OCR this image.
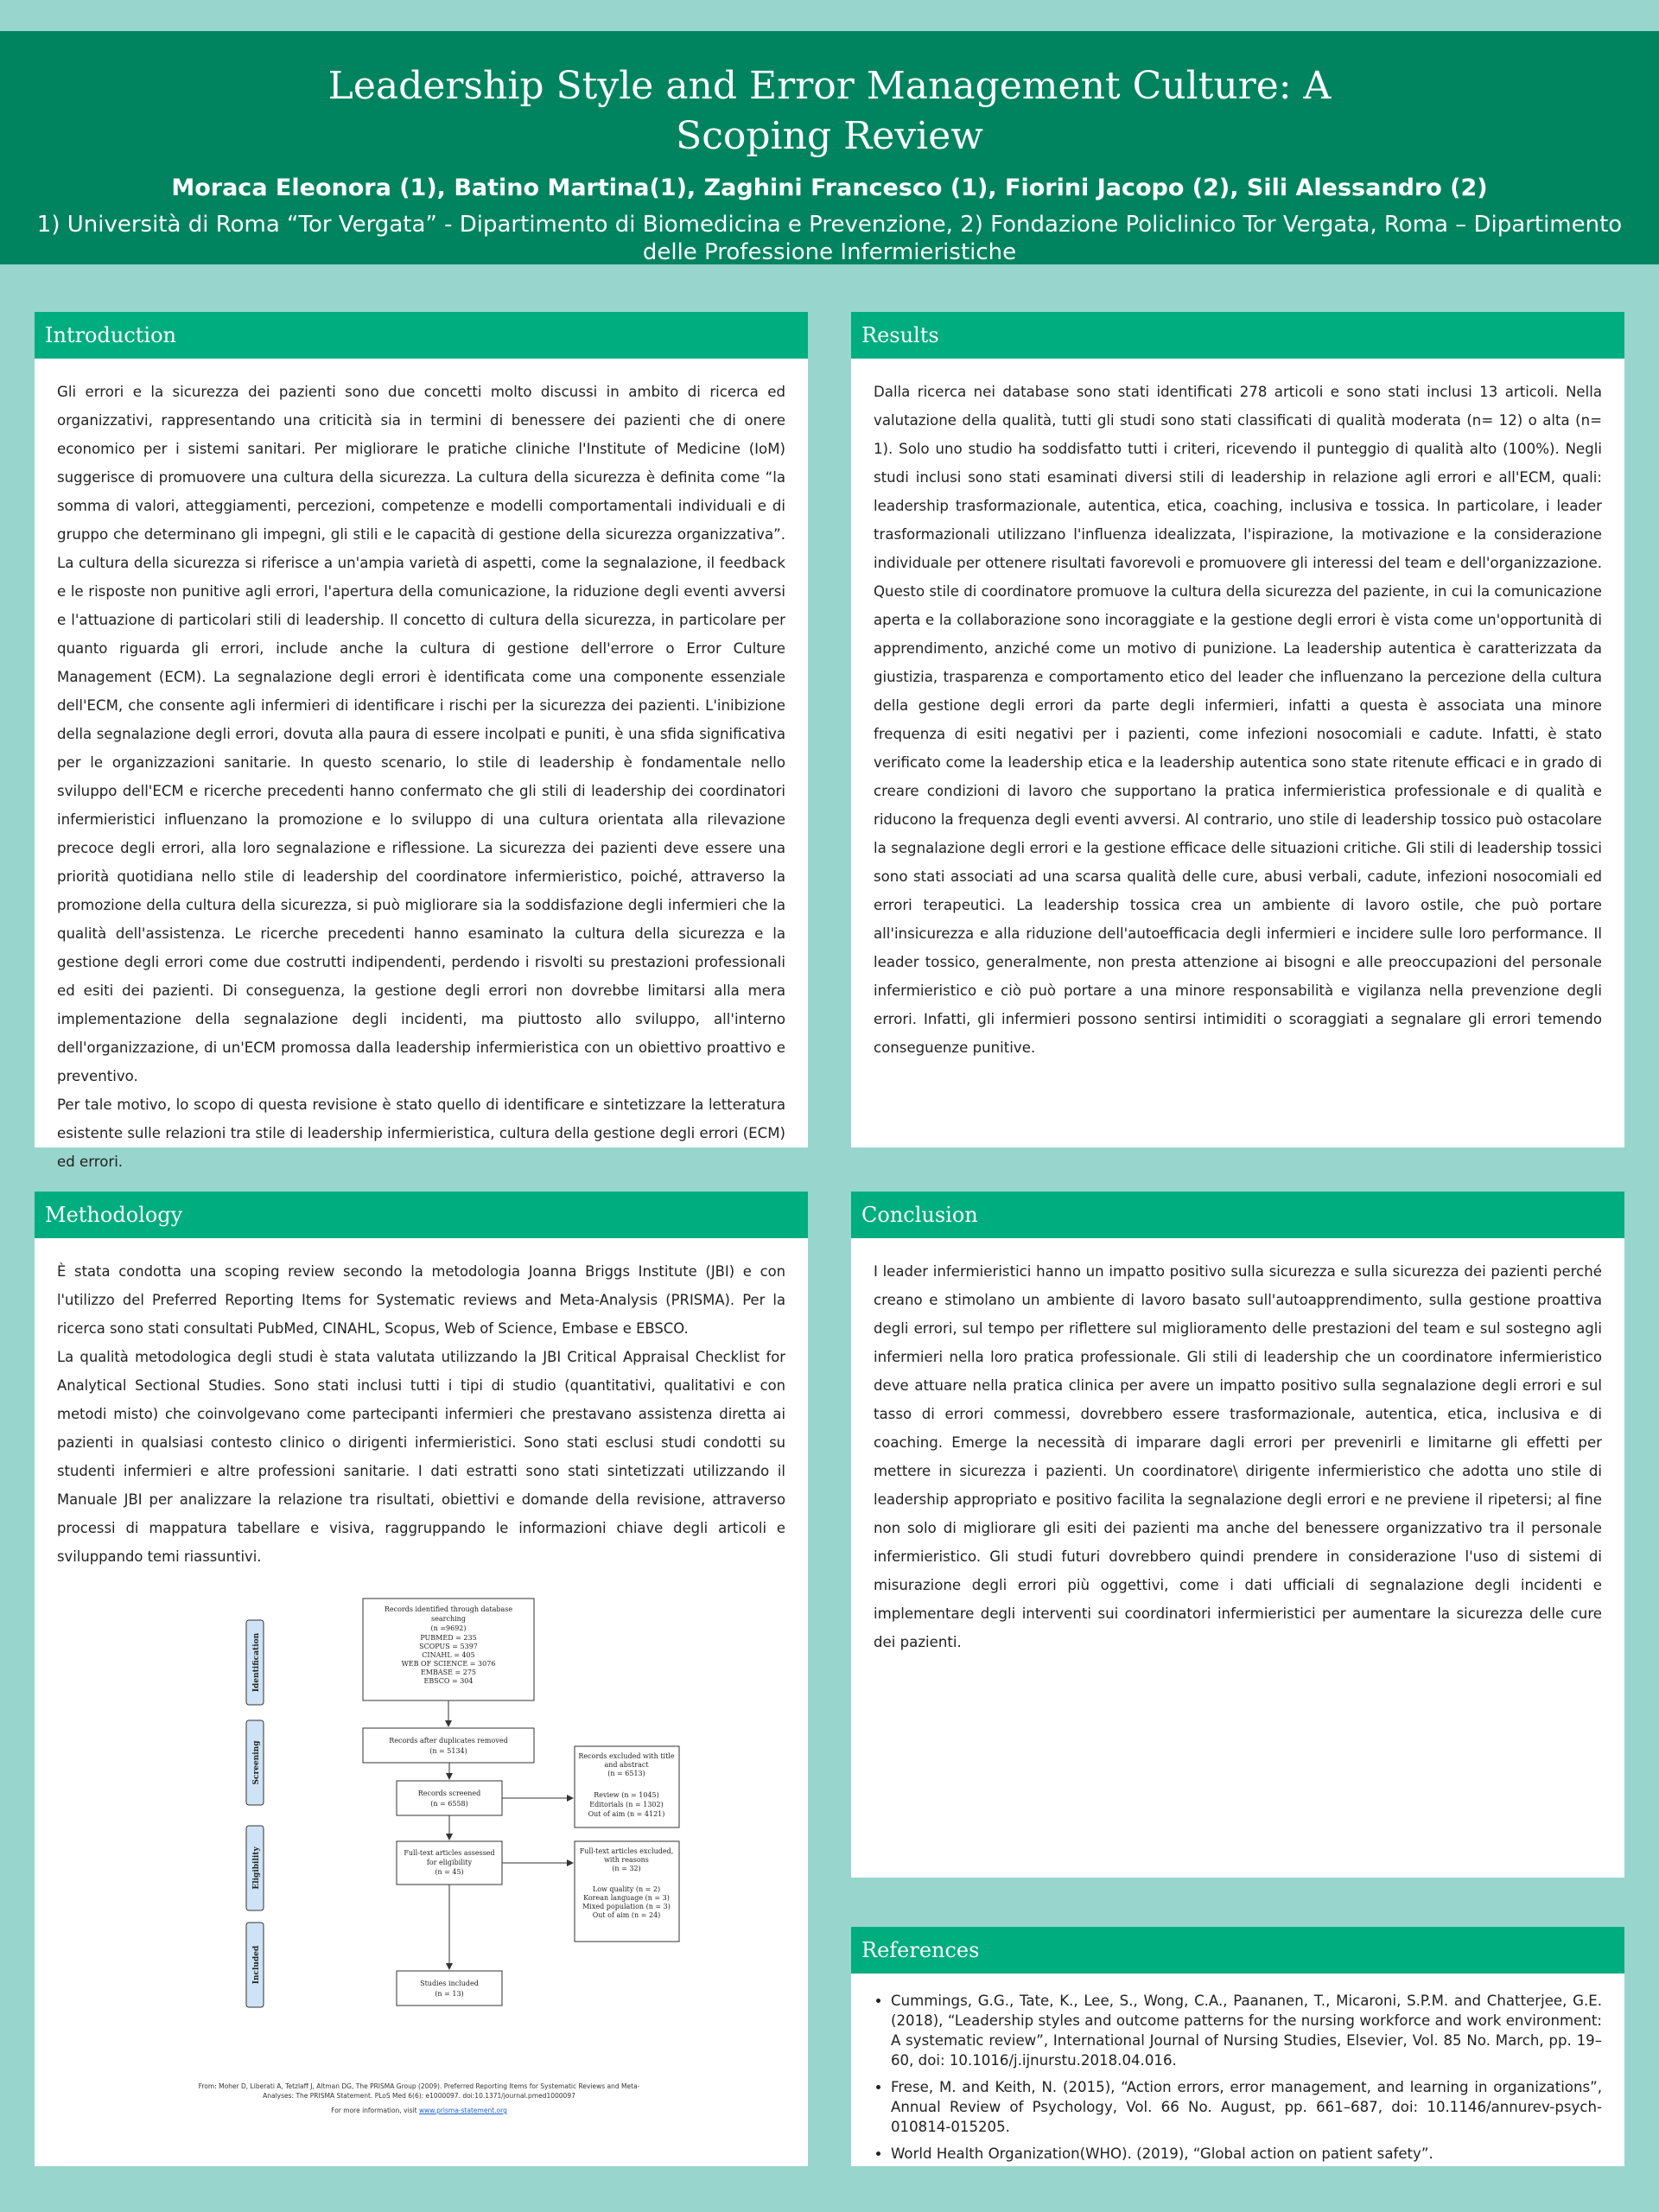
Leadership Style and Error Management Culture: A
Scoping Review
Moraca Eleonora (1), Batino Martina(1), Zaghini Francesco (1), Fiorini Jacopo (2), Sili Alessandro (2)
1) Università di Roma “Tor Vergata” - Dipartimento di Biomedicina e Prevenzione, 2) Fondazione Policlinico Tor Vergata, Roma – Dipartimento delle Professione Infermieristiche
Introduction

Gli errori e la sicurezza dei pazienti sono due concetti molto discussi in ambito di ricerca ed organizzativi, rappresentando una criticità sia in termini di benessere dei pazienti che di onere economico per i sistemi sanitari. Per migliorare le pratiche cliniche l'Institute of Medicine (IoM) suggerisce di promuovere una cultura della sicurezza. La cultura della sicurezza è definita come “la somma di valori, atteggiamenti, percezioni, competenze e modelli comportamentali individuali e di gruppo che determinano gli impegni, gli stili e le capacità di gestione della sicurezza organizzativa”. La cultura della sicurezza si riferisce a un'ampia varietà di aspetti, come la segnalazione, il feedback e le risposte non punitive agli errori, l'apertura della comunicazione, la riduzione degli eventi avversi e l'attuazione di particolari stili di leadership. Il concetto di cultura della sicurezza, in particolare per quanto riguarda gli errori, include anche la cultura di gestione dell'errore o Error Culture Management (ECM). La segnalazione degli errori è identificata come una componente essenziale dell'ECM, che consente agli infermieri di identificare i rischi per la sicurezza dei pazienti. L'inibizione della segnalazione degli errori, dovuta alla paura di essere incolpati e puniti, è una sfida significativa per le organizzazioni sanitarie. In questo scenario, lo stile di leadership è fondamentale nello sviluppo dell'ECM e ricerche precedenti hanno confermato che gli stili di leadership dei coordinatori infermieristici influenzano la promozione e lo sviluppo di una cultura orientata alla rilevazione precoce degli errori, alla loro segnalazione e riflessione. La sicurezza dei pazienti deve essere una priorità quotidiana nello stile di leadership del coordinatore infermieristico, poiché, attraverso la promozione della cultura della sicurezza, si può migliorare sia la soddisfazione degli infermieri che la qualità dell'assistenza. Le ricerche precedenti hanno esaminato la cultura della sicurezza e la gestione degli errori come due costrutti indipendenti, perdendo i risvolti su prestazioni professionali ed esiti dei pazienti. Di conseguenza, la gestione degli errori non dovrebbe limitarsi alla mera implementazione della segnalazione degli incidenti, ma piuttosto allo sviluppo, all'interno dell'organizzazione, di un'ECM promossa dalla leadership infermieristica con un obiettivo proattivo e preventivo.

Per tale motivo, lo scopo di questa revisione è stato quello di identificare e sintetizzare la letteratura esistente sulle relazioni tra stile di leadership infermieristica, cultura della gestione degli errori (ECM) ed errori.

Results

Dalla ricerca nei database sono stati identificati 278 articoli e sono stati inclusi 13 articoli. Nella valutazione della qualità, tutti gli studi sono stati classificati di qualità moderata (n= 12) o alta (n= 1). Solo uno studio ha soddisfatto tutti i criteri, ricevendo il punteggio di qualità alto (100%). Negli studi inclusi sono stati esaminati diversi stili di leadership in relazione agli errori e all'ECM, quali: leadership trasformazionale, autentica, etica, coaching, inclusiva e tossica. In particolare, i leader trasformazionali utilizzano l'influenza idealizzata, l'ispirazione, la motivazione e la considerazione individuale per ottenere risultati favorevoli e promuovere gli interessi del team e dell'organizzazione. Questo stile di coordinatore promuove la cultura della sicurezza del paziente, in cui la comunicazione aperta e la collaborazione sono incoraggiate e la gestione degli errori è vista come un'opportunità di apprendimento, anziché come un motivo di punizione. La leadership autentica è caratterizzata da giustizia, trasparenza e comportamento etico del leader che influenzano la percezione della cultura della gestione degli errori da parte degli infermieri, infatti a questa è associata una minore frequenza di esiti negativi per i pazienti, come infezioni nosocomiali e cadute. Infatti, è stato verificato come la leadership etica e la leadership autentica sono state ritenute efficaci e in grado di creare condizioni di lavoro che supportano la pratica infermieristica professionale e di qualità e riducono la frequenza degli eventi avversi. Al contrario, uno stile di leadership tossico può ostacolare la segnalazione degli errori e la gestione efficace delle situazioni critiche. Gli stili di leadership tossici sono stati associati ad una scarsa qualità delle cure, abusi verbali, cadute, infezioni nosocomiali ed errori terapeutici. La leadership tossica crea un ambiente di lavoro ostile, che può portare all'insicurezza e alla riduzione dell'autoefficacia degli infermieri e incidere sulle loro performance. Il leader tossico, generalmente, non presta attenzione ai bisogni e alle preoccupazioni del personale infermieristico e ciò può portare a una minore responsabilità e vigilanza nella prevenzione degli errori. Infatti, gli infermieri possono sentirsi intimiditi o scoraggiati a segnalare gli errori temendo conseguenze punitive.

Methodology

È stata condotta una scoping review secondo la metodologia Joanna Briggs Institute (JBI) e con l'utilizzo del Preferred Reporting Items for Systematic reviews and Meta-Analysis (PRISMA). Per la ricerca sono stati consultati PubMed, CINAHL, Scopus, Web of Science, Embase e EBSCO.

La qualità metodologica degli studi è stata valutata utilizzando la JBI Critical Appraisal Checklist for Analytical Sectional Studies. Sono stati inclusi tutti i tipi di studio (quantitativi, qualitativi e con metodi misto) che coinvolgevano come partecipanti infermieri che prestavano assistenza diretta ai pazienti in qualsiasi contesto clinico o dirigenti infermieristici. Sono stati esclusi studi condotti su studenti infermieri e altre professioni sanitarie. I dati estratti sono stati sintetizzati utilizzando il Manuale JBI per analizzare la relazione tra risultati, obiettivi e domande della revisione, attraverso processi di mappatura tabellare e visiva, raggruppando le informazioni chiave degli articoli e sviluppando temi riassuntivi.

Identification
Screening
Eligibility
Included
Records identified through database
searching
(n =9692)
PUBMED = 235
SCOPUS = 5397
CINAHL = 405
WEB OF SCIENCE = 3076
EMBASE = 275
EBSCO = 304
Records after duplicates removed
(n = 5134)
Records screened
(n = 6558)
Records excluded with title
and abstract
(n = 6513)
Review (n = 1045)
Editorials (n = 1302)
Out of aim (n = 4121)
Full-text articles assessed
for eligibility
(n = 45)
Full-text articles excluded,
with reasons
(n = 32)
Low quality (n = 2)
Korean language (n = 3)
Mixed population (n = 3)
Out of aim (n = 24)
Studies included
(n = 13)

From: Moher D, Liberati A, Tetzlaff J, Altman DG, The PRISMA Group (2009). Preferred Reporting Items for Systematic Reviews and Meta-

Analyses: The PRISMA Statement. PLoS Med 6(6): e1000097. doi:10.1371/journal.pmed1000097

For more information, visit www.prisma-statement.org

Conclusion

I leader infermieristici hanno un impatto positivo sulla sicurezza e sulla sicurezza dei pazienti perché creano e stimolano un ambiente di lavoro basato sull'autoapprendimento, sulla gestione proattiva degli errori, sul tempo per riflettere sul miglioramento delle prestazioni del team e sul sostegno agli infermieri nella loro pratica professionale. Gli stili di leadership che un coordinatore infermieristico deve attuare nella pratica clinica per avere un impatto positivo sulla segnalazione degli errori e sul tasso di errori commessi, dovrebbero essere trasformazionale, autentica, etica, inclusiva e di coaching. Emerge la necessità di imparare dagli errori per prevenirli e limitarne gli effetti per mettere in sicurezza i pazienti. Un coordinatore\ dirigente infermieristico che adotta uno stile di leadership appropriato e positivo facilita la segnalazione degli errori e ne previene il ripetersi; al fine non solo di migliorare gli esiti dei pazienti ma anche del benessere organizzativo tra il personale infermieristico. Gli studi futuri dovrebbero quindi prendere in considerazione l'uso di sistemi di misurazione degli errori più oggettivi, come i dati ufficiali di segnalazione degli incidenti e implementare degli interventi sui coordinatori infermieristici per aumentare la sicurezza delle cure dei pazienti.

References
• Cummings, G.G., Tate, K., Lee, S., Wong, C.A., Paananen, T., Micaroni, S.P.M. and Chatterjee, G.E. (2018), “Leadership styles and outcome patterns for the nursing workforce and work environment: A systematic review”, International Journal of Nursing Studies, Elsevier, Vol. 85 No. March, pp. 19–60, doi: 10.1016/j.ijnurstu.2018.04.016.
• Frese, M. and Keith, N. (2015), “Action errors, error management, and learning in organizations”, Annual Review of Psychology, Vol. 66 No. August, pp. 661–687, doi: 10.1146/annurev-psych- 010814-015205.
• World Health Organization(WHO). (2019), “Global action on patient safety”.
